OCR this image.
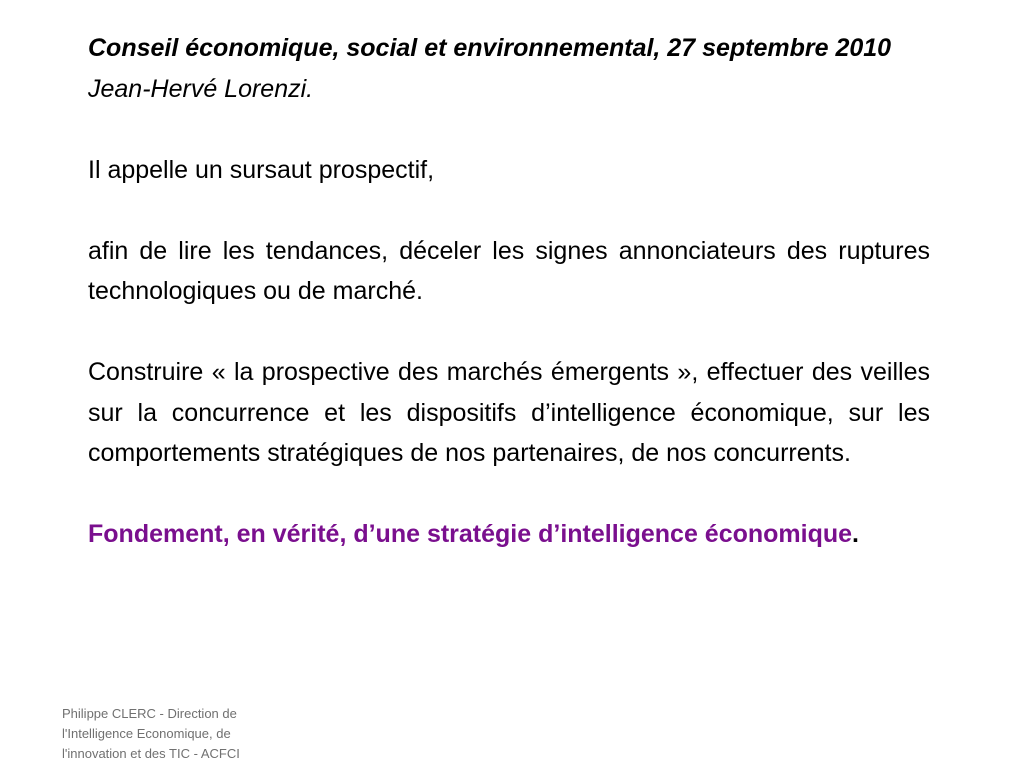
Conseil économique, social et environnemental, 27 septembre 2010

Jean-Hervé Lorenzi.

Il appelle un sursaut prospectif,

afin de lire les tendances, déceler les signes annonciateurs des ruptures technologiques ou de marché.

Construire « la prospective des marchés émergents », effectuer des veilles sur la concurrence et les dispositifs d’intelligence économique, sur les comportements stratégiques de nos partenaires, de nos concurrents.

Fondement, en vérité, d’une stratégie d’intelligence économique.

Philippe CLERC - Direction de
l'Intelligence Economique, de
l'innovation et des TIC - ACFCI
